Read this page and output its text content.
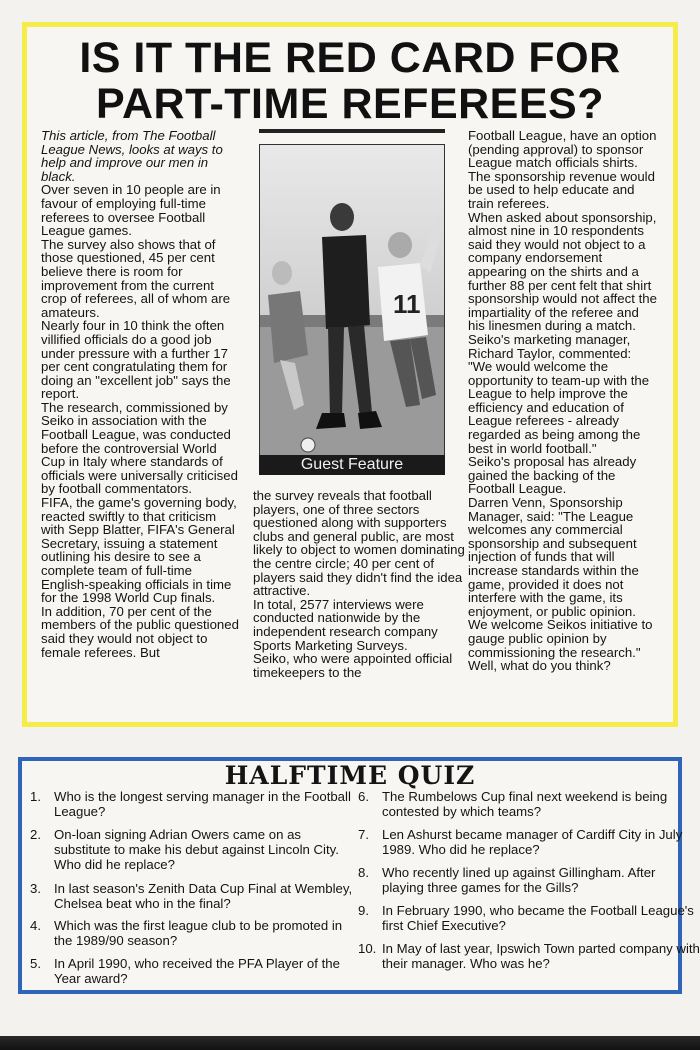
IS IT THE RED CARD FOR
PART-TIME REFEREES?

This article, from The Football League News, looks at ways to help and improve our men in black.

Over seven in 10 people are in favour of employing full-time referees to oversee Football League games.

The survey also shows that of those questioned, 45 per cent believe there is room for improvement from the current crop of referees, all of whom are amateurs.

Nearly four in 10 think the often villified officials do a good job under pressure with a further 17 per cent congratulating them for doing an "excellent job" says the report.

The research, commissioned by Seiko in association with the Football League, was conducted before the controversial World Cup in Italy where standards of officials were universally criticised by football commentators.

FIFA, the game's governing body, reacted swiftly to that criticism with Sepp Blatter, FIFA's General Secretary, issuing a statement outlining his desire to see a complete team of full-time English-speaking officials in time for the 1998 World Cup finals.

In addition, 70 per cent of the members of the public questioned said they would not object to female referees. But

11
Guest Feature

the survey reveals that football players, one of three sectors questioned along with supporters clubs and general public, are most likely to object to women dominating the centre circle; 40 per cent of players said they didn't find the idea attractive.

In total, 2577 interviews were conducted nationwide by the independent research company Sports Marketing Surveys.

Seiko, who were appointed official timekeepers to the

Football League, have an option (pending approval) to sponsor League match officials shirts. The sponsorship revenue would be used to help educate and train referees.

When asked about sponsorship, almost nine in 10 respondents said they would not object to a company endorsement appearing on the shirts and a further 88 per cent felt that shirt sponsorship would not affect the impartiality of the referee and his linesmen during a match.

Seiko's marketing manager, Richard Taylor, commented: "We would welcome the opportunity to team-up with the League to help improve the efficiency and education of League referees - already regarded as being among the best in world football."

Seiko's proposal has already gained the backing of the Football League.

Darren Venn, Sponsorship Manager, said: "The League welcomes any commercial sponsorship and subsequent injection of funds that will increase standards within the game, provided it does not interfere with the game, its enjoyment, or public opinion. We welcome Seikos initiative to gauge public opinion by commissioning the research."

Well, what do you think?

HALFTIME QUIZ
1. Who is the longest serving manager in the Football League?
2. On-loan signing Adrian Owers came on as substitute to make his debut against Lincoln City. Who did he replace?
3. In last season's Zenith Data Cup Final at Wembley, Chelsea beat who in the final?
4. Which was the first league club to be promoted in the 1989/90 season?
5. In April 1990, who received the PFA Player of the Year award?
6. The Rumbelows Cup final next weekend is being contested by which teams?
7. Len Ashurst became manager of Cardiff City in July 1989. Who did he replace?
8. Who recently lined up against Gillingham. After playing three games for the Gills?
9. In February 1990, who became the Football League's first Chief Executive?
10. In May of last year, Ipswich Town parted company with their manager. Who was he?
